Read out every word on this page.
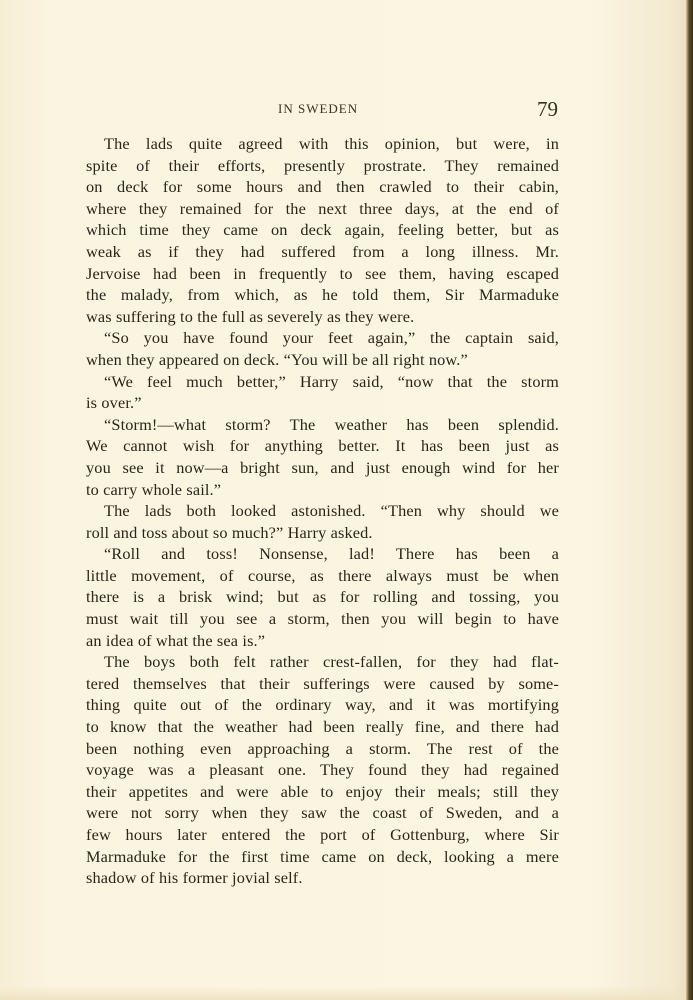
IN SWEDEN	79
The lads quite agreed with this opinion, but were, in
spite of their efforts, presently prostrate. They remained
on deck for some hours and then crawled to their cabin,
where they remained for the next three days, at the end of
which time they came on deck again, feeling better, but as
weak as if they had suffered from a long illness. Mr.
Jervoise had been in frequently to see them, having escaped
the malady, from which, as he told them, Sir Marmaduke
was suffering to the full as severely as they were.
“So you have found your feet again,” the captain said,
when they appeared on deck. “You will be all right now.”
“We feel much better,” Harry said, “now that the storm
is over.”
“Storm!—what storm? The weather has been splendid.
We cannot wish for anything better. It has been just as
you see it now—a bright sun, and just enough wind for her
to carry whole sail.”
The lads both looked astonished. “Then why should we
roll and toss about so much?” Harry asked.
“Roll and toss! Nonsense, lad! There has been a
little movement, of course, as there always must be when
there is a brisk wind; but as for rolling and tossing, you
must wait till you see a storm, then you will begin to have
an idea of what the sea is.”
The boys both felt rather crest-fallen, for they had flat-
tered themselves that their sufferings were caused by some-
thing quite out of the ordinary way, and it was mortifying
to know that the weather had been really fine, and there had
been nothing even approaching a storm. The rest of the
voyage was a pleasant one. They found they had regained
their appetites and were able to enjoy their meals; still they
were not sorry when they saw the coast of Sweden, and a
few hours later entered the port of Gottenburg, where Sir
Marmaduke for the first time came on deck, looking a mere
shadow of his former jovial self.
